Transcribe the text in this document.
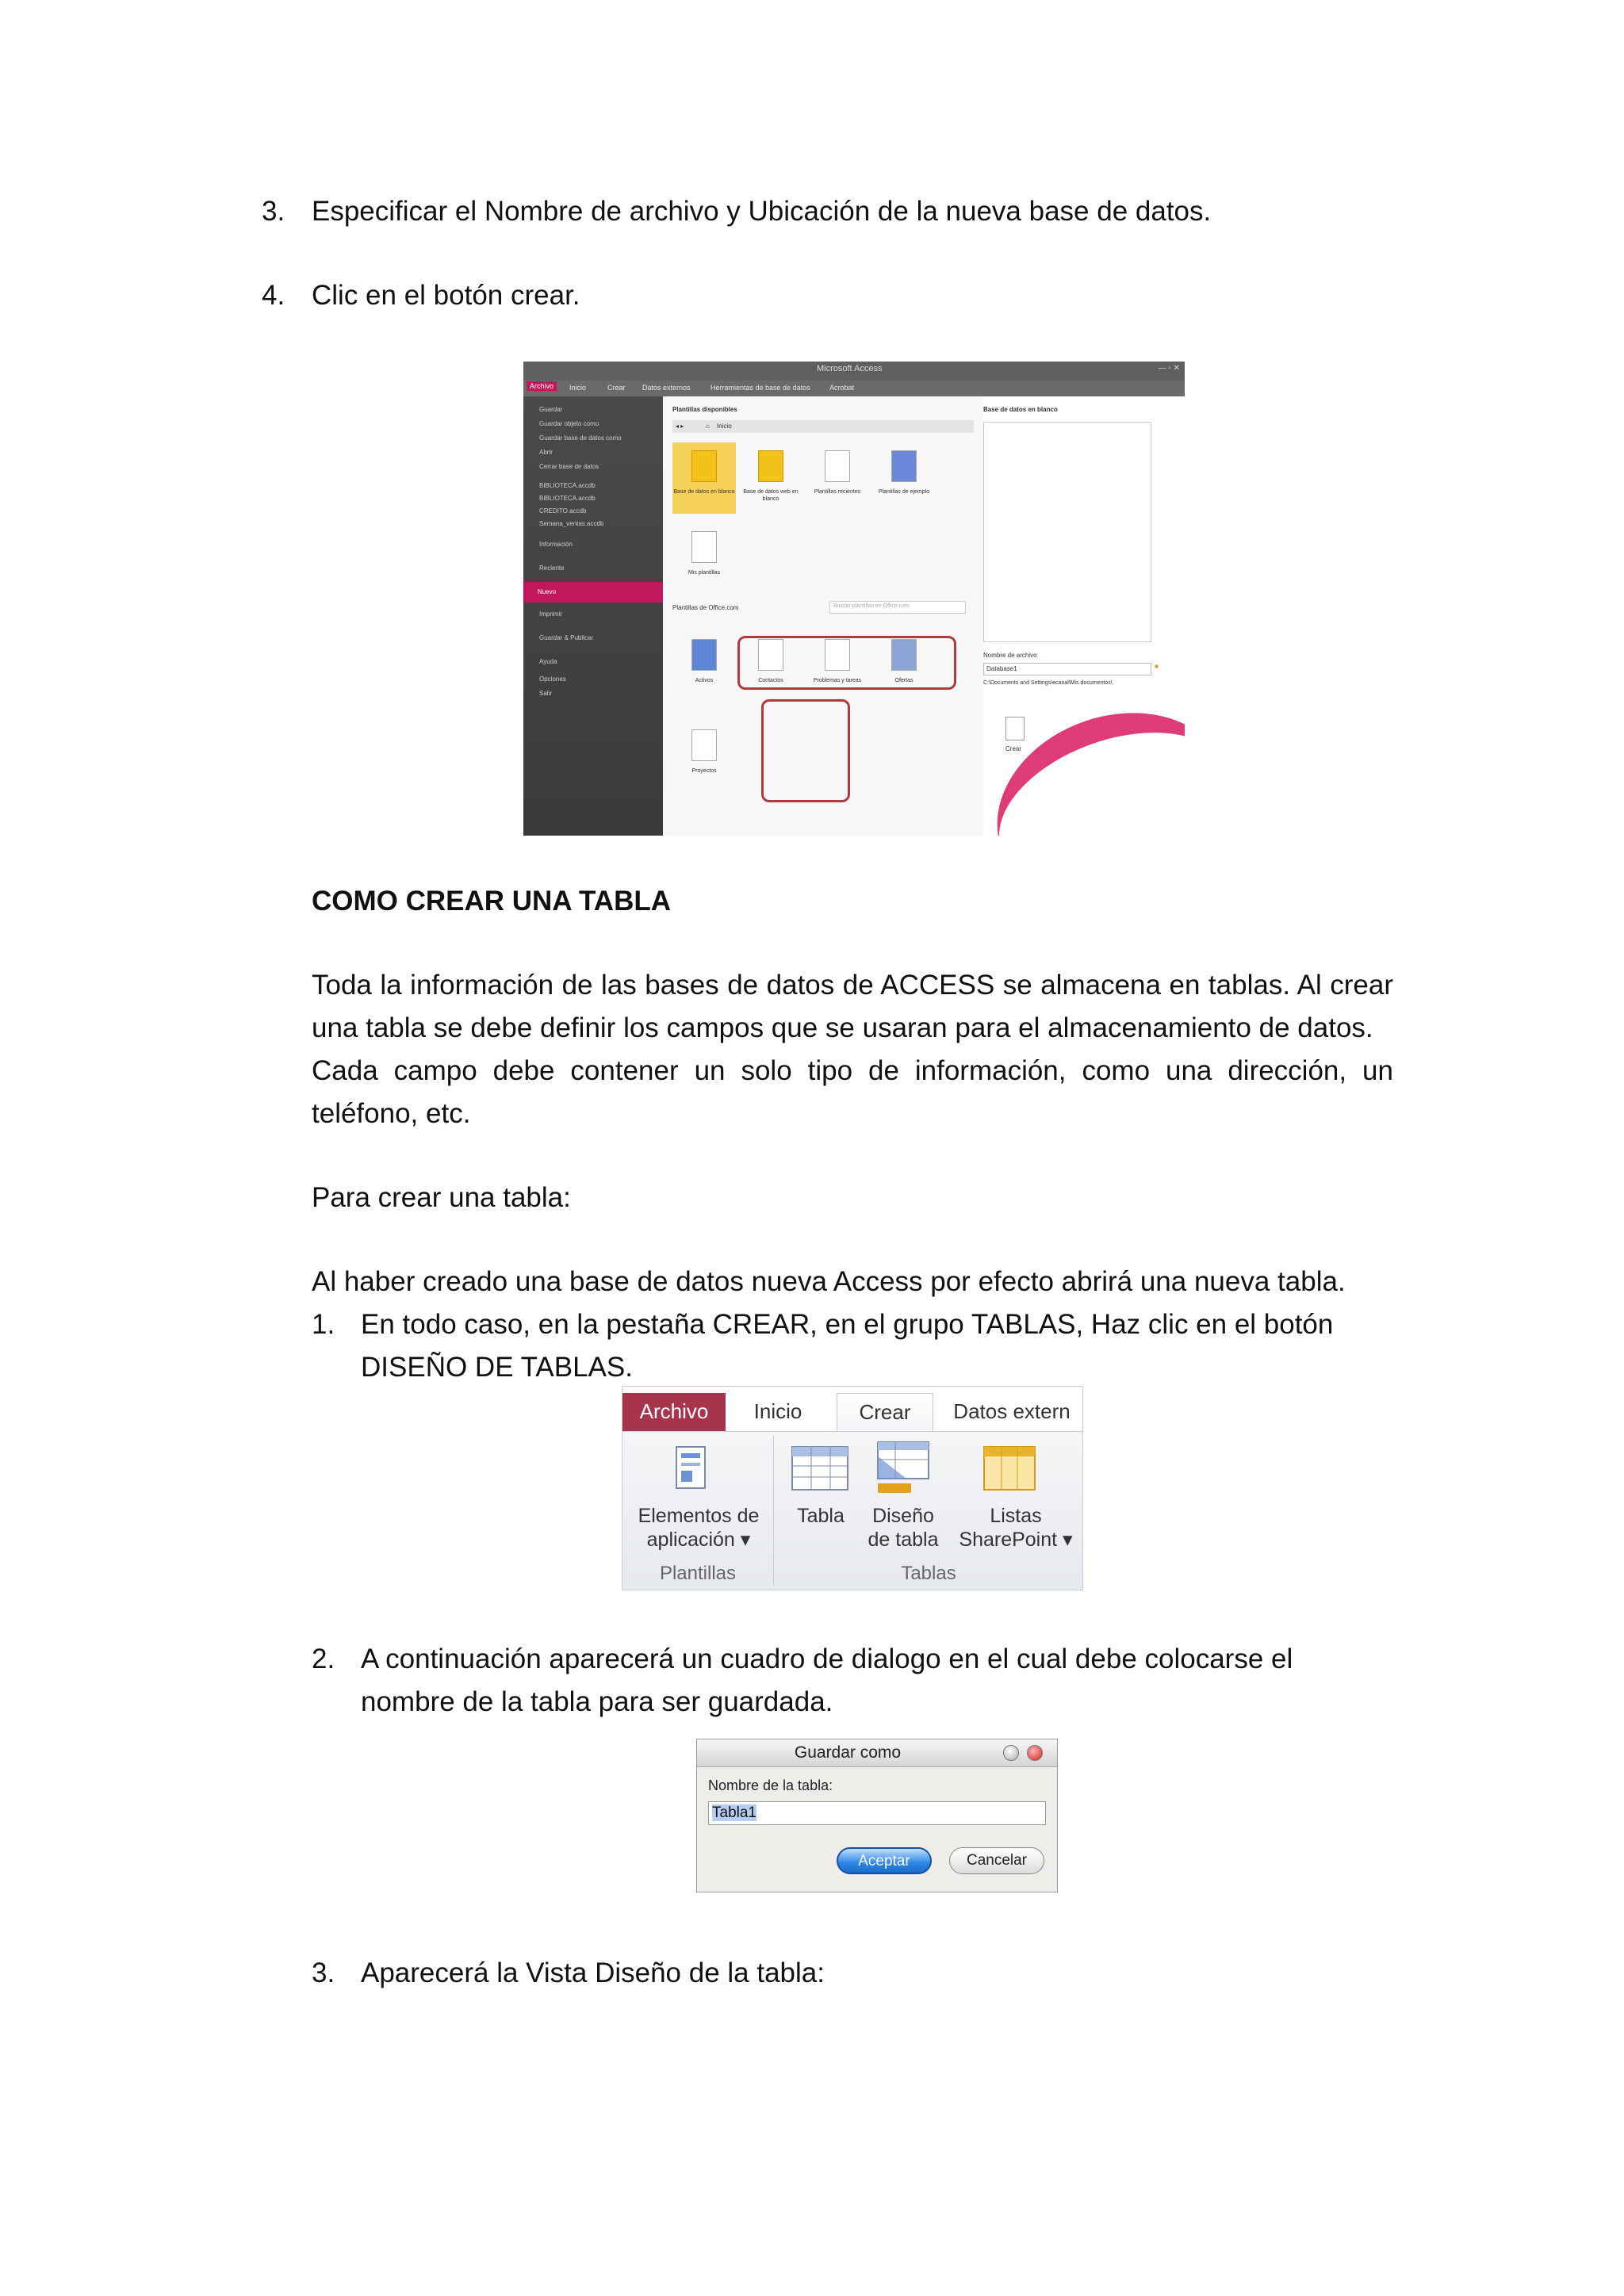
3. Especificar el Nombre de archivo y Ubicación de la nueva base de datos.
4. Clic en el botón crear.
Microsoft Access	— ▫ ✕
Archivo	Inicio	Crear Datos externos	Herramientas de base de datos	Acrobat
Guardar
Guardar objeto como
Guardar base de datos como
Abrir
Cerrar base de datos
BIBLIOTECA.accdb
BIBLIOTECA.accdb
CREDITO.accdb
Semana_ventas.accdb
Información
Reciente
Nuevo
Imprimir
Guardar & Publicar
Ayuda
Opciones
Salir
Plantillas disponibles
◂ ▸	⌂ Inicio
Base de datos en blanco	Base de datos web en blanco
Plantillas recientes	Plantillas de ejemplo
Mis plantillas
Plantillas de Office.com	Buscar plantillas en Office.com
Activos	Contactos	Problemas y tareas	Ofertas
Proyectos
Base de datos en blanco
Nombre de archivo
Database1	■
C:\Documents and Settings\ecanal\Mis documentos\
Crear
COMO CREAR UNA TABLA
Toda la información de las bases de datos de ACCESS se almacena en tablas. Al crear una tabla se debe definir los campos que se usaran para el almacenamiento de datos.
Cada campo debe contener un solo tipo de información, como una dirección, un teléfono, etc.
Para crear una tabla:
Al haber creado una base de datos nueva Access por efecto abrirá una nueva tabla.
1. En todo caso, en la pestaña CREAR, en el grupo TABLAS, Haz clic en el botón DISEÑO DE TABLAS.
Archivo	Inicio	Crear	Datos extern
Elementos de
aplicación ▾
Tabla	Diseño
de tabla
Listas
SharePoint ▾
Plantillas	Tablas
2. A continuación aparecerá un cuadro de dialogo en el cual debe colocarse el nombre de la tabla para ser guardada.
Guardar como
Nombre de la tabla:
Tabla1
Aceptar	Cancelar
3. Aparecerá la Vista Diseño de la tabla:
